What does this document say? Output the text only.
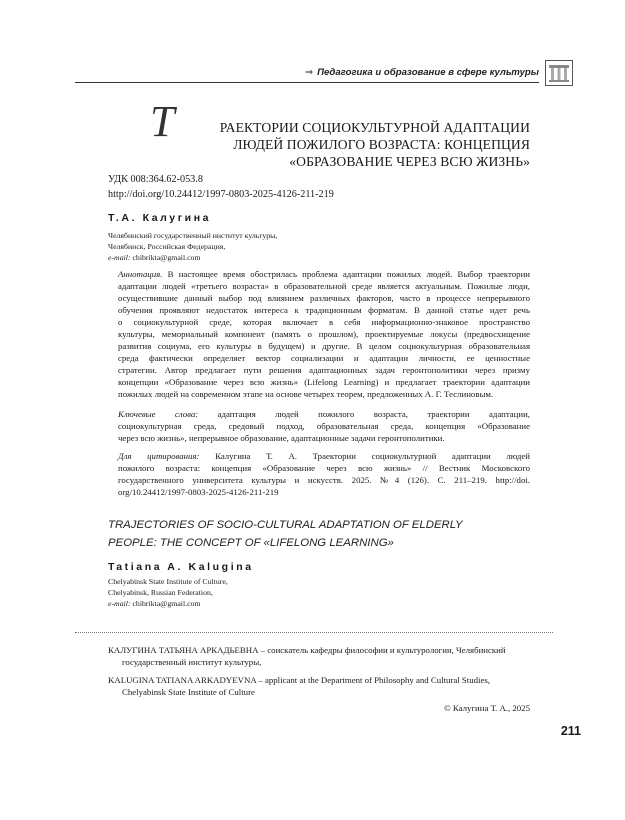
⇒ Педагогика и образование в сфере культуры
Т	РАЕКТОРИИ СОЦИОКУЛЬТУРНОЙ АДАПТАЦИИ
ЛЮДЕЙ ПОЖИЛОГО ВОЗРАСТА: КОНЦЕПЦИЯ
«ОБРАЗОВАНИЕ ЧЕРЕЗ ВСЮ ЖИЗНЬ»
УДК 008:364.62-053.8
http://doi.org/10.24412/1997-0803-2025-4126-211-219
Т.А. Калугина
Челябинский государственный институт культуры,
Челябинск, Российская Федерация,
e-mail: chibrikta@gmail.com
Аннотация. В настоящее время обострилась проблема адаптации пожилых людей. Выбор траектории
адаптации людей «третьего возраста» в образовательной среде является актуальным. Пожилые люди,
осуществившие данный выбор под влиянием различных факторов, часто в процессе непрерывного
обучения проявляют недостаток интереса к традиционным форматам. В данной статье идет речь
о социокультурной среде, которая включает в себя информационно-знаковое пространство
культуры, мемориальный компонент (память о прошлом), проектируемые локусы (предвосхищение
развития социума, его культуры в будущем) и другие. В целом социокультурная образовательная
среда фактически определяет вектор социализации и адаптации личности, ее ценностные
стратегии. Автор предлагает пути решения адаптационных задач геронтополитики через призму
концепции «Образование через всю жизнь» (Lifelong Learning) и предлагает траектории адаптации
пожилых людей на современном этапе на основе четырех теорем, предложенных А. Г. Теслиновым.
Ключевые слова: адаптация людей пожилого возраста, траектории адаптации,
социокультурная среда, средовый подход, образовательная среда, концепция «Образование
через всю жизнь», непрерывное образование, адаптационные задачи геронтополитики.
Для цитирования: Калугина Т. А. Траектории социокультурной адаптации людей
пожилого возраста: концепция «Образование через всю жизнь» // Вестник Московского
государственного университета культуры и искусств. 2025. №4 (126). С. 211–219. http://doi.
org/10.24412/1997-0803-2025-4126-211-219
TRAJECTORIES OF SOCIO-CULTURAL ADAPTATION OF ELDERLY
PEOPLE: THE CONCEPT OF «LIFELONG LEARNING»
Tatiana A. Kalugina
Chelyabinsk State Institute of Culture,
Chelyabinsk, Russian Federation,
e-mail: chibrikta@gmail.com
КАЛУГИНА ТАТЬЯНА АРКАДЬЕВНА – соискатель кафедры философии и культурологии, Челябинский
государственный институт культуры,
KALUGINA TATIANA ARKADYEVNA – applicant at the Department of Philosophy and Cultural Studies,
Chelyabinsk State Institute of Culture
© Калугина Т. А., 2025
211
